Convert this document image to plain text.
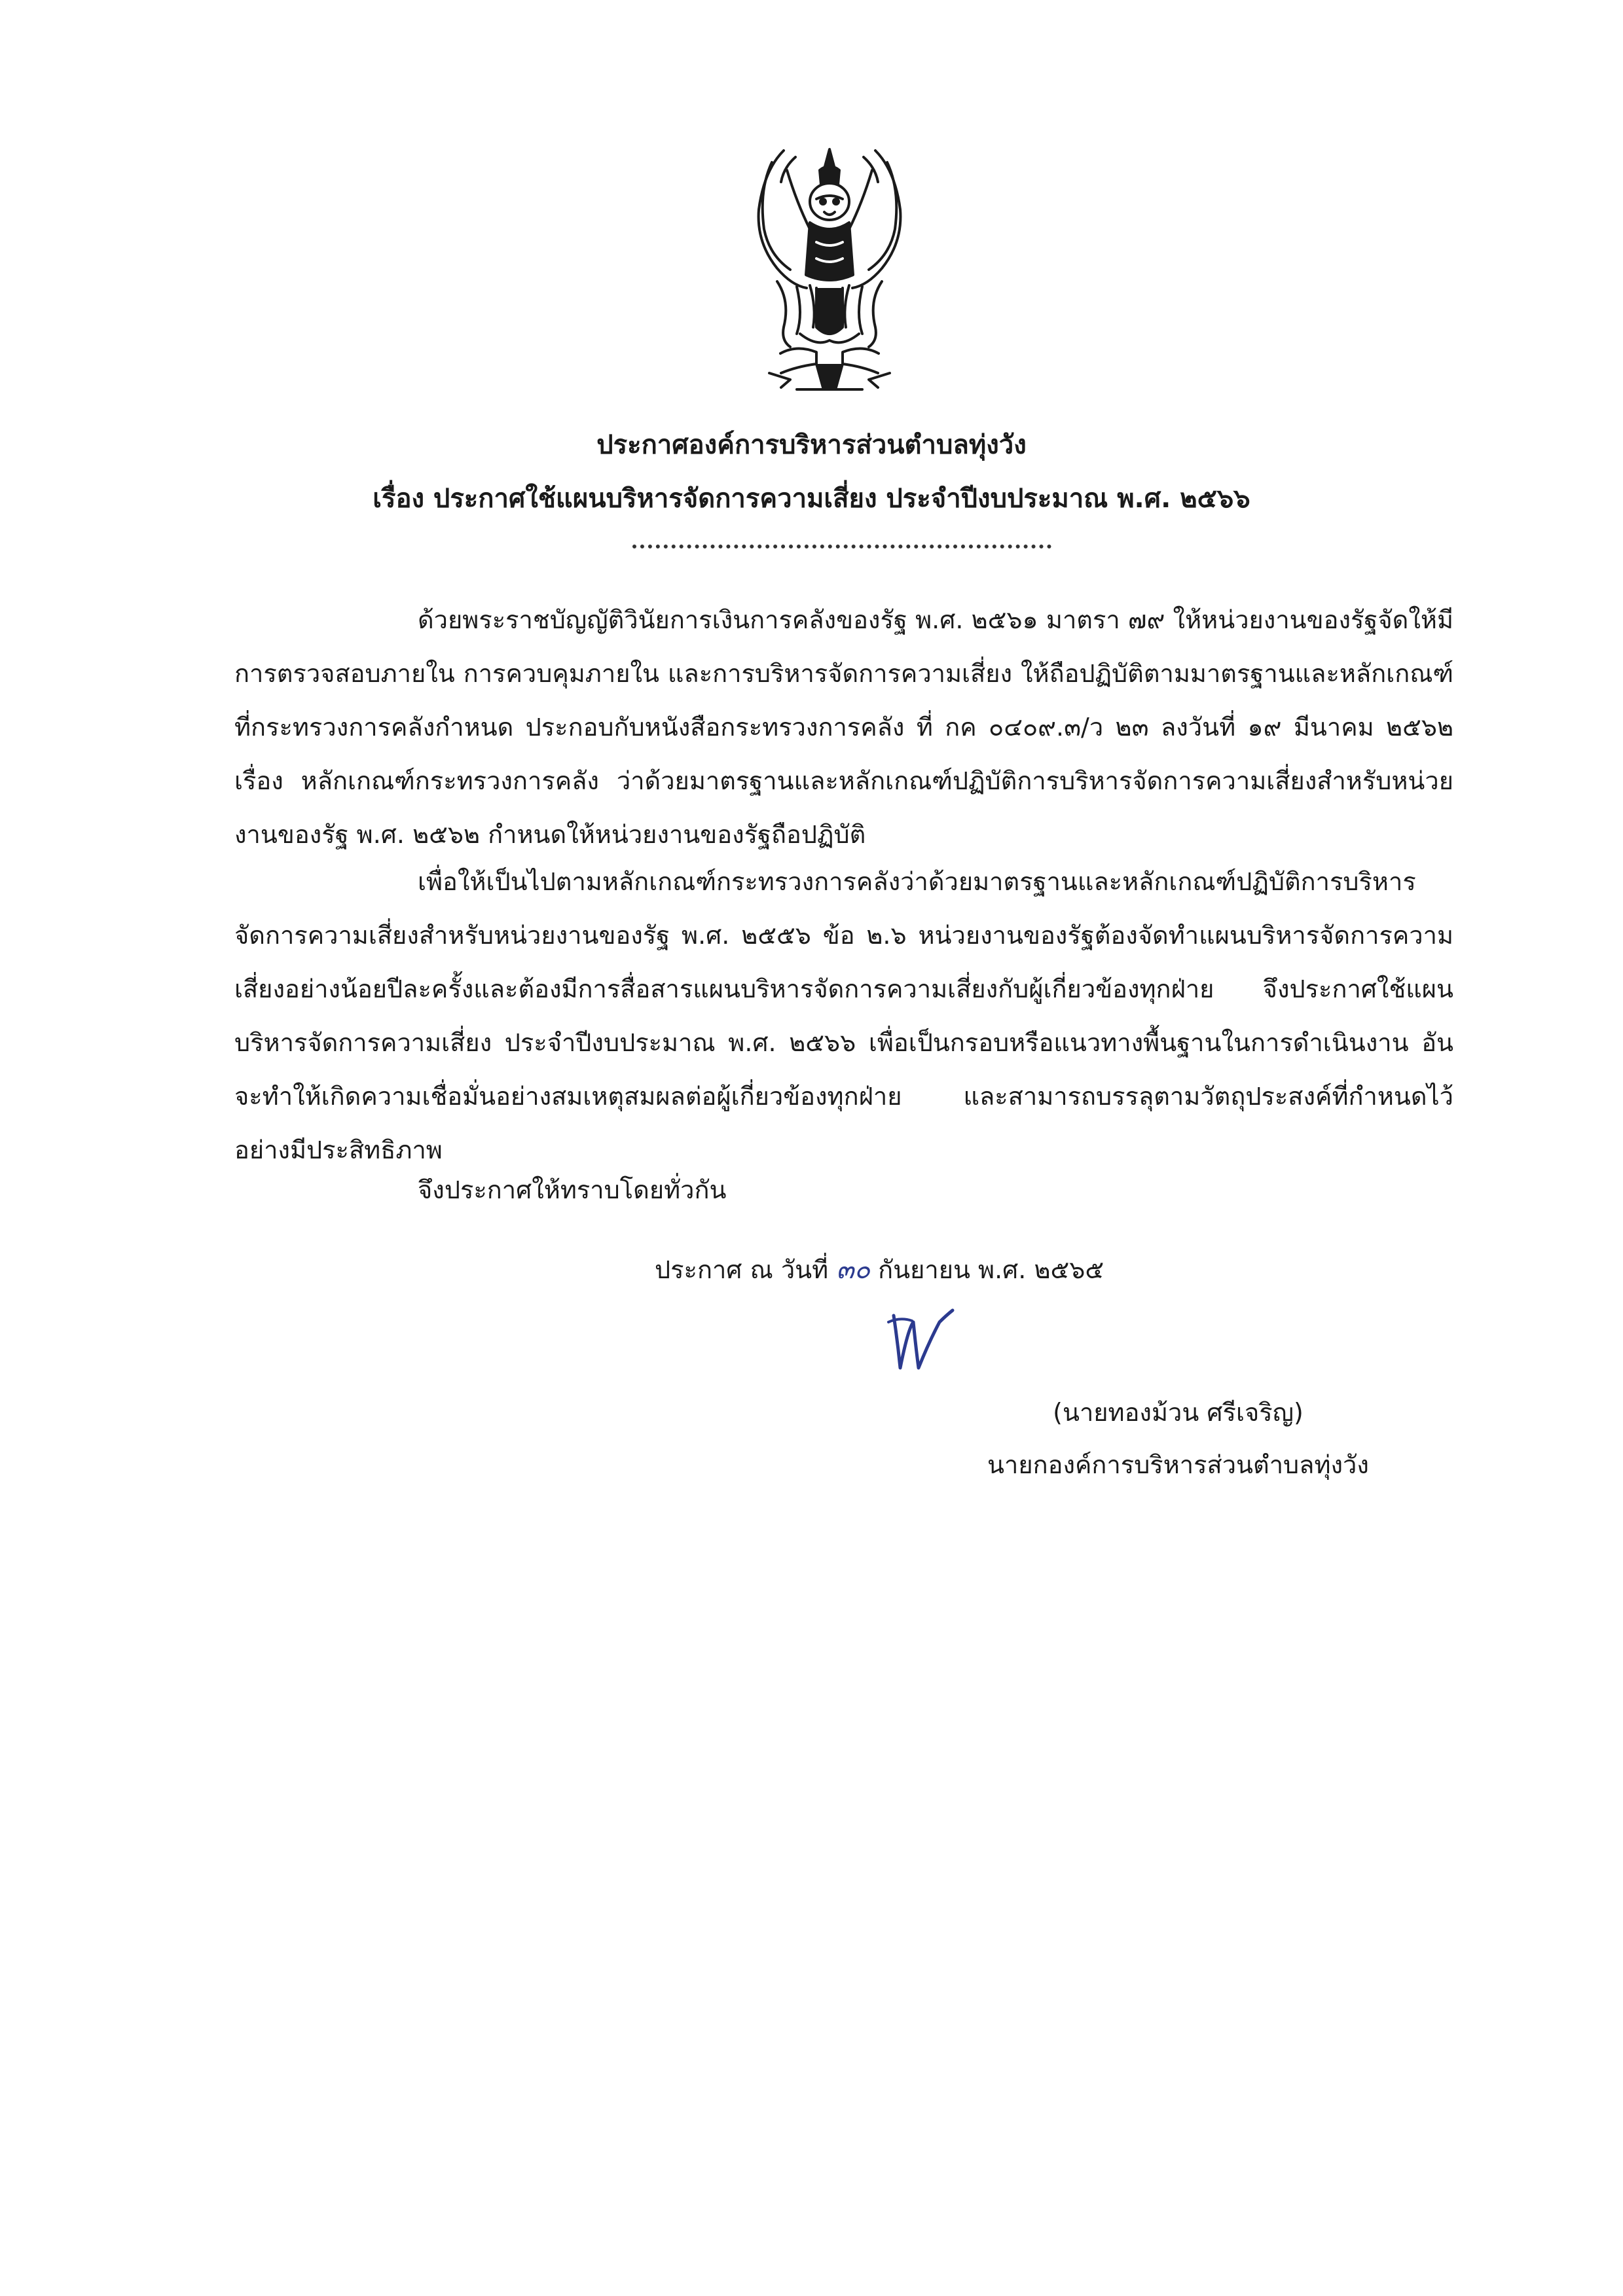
ประกาศองค์การบริหารส่วนตำบลทุ่งวัง
เรื่อง ประกาศใช้แผนบริหารจัดการความเสี่ยง ประจำปีงบประมาณ พ.ศ. ๒๕๖๖
ด้วยพระราชบัญญัติวินัยการเงินการคลังของรัฐ พ.ศ. ๒๕๖๑ มาตรา ๗๙ ให้หน่วยงานของรัฐจัดให้มีการตรวจสอบภายใน การควบคุมภายใน และการบริหารจัดการความเสี่ยง ให้ถือปฏิบัติตามมาตรฐานและหลักเกณฑ์ที่กระทรวงการคลังกำหนด ประกอบกับหนังสือกระทรวงการคลัง ที่ กค ๐๔๐๙.๓/ว ๒๓ ลงวันที่ ๑๙ มีนาคม ๒๕๖๒ เรื่อง หลักเกณฑ์กระทรวงการคลัง ว่าด้วยมาตรฐานและหลักเกณฑ์ปฏิบัติการบริหารจัดการความเสี่ยงสำหรับหน่วยงานของรัฐ พ.ศ. ๒๕๖๒ กำหนดให้หน่วยงานของรัฐถือปฏิบัติ
เพื่อให้เป็นไปตามหลักเกณฑ์กระทรวงการคลังว่าด้วยมาตรฐานและหลักเกณฑ์ปฏิบัติการบริหารจัดการความเสี่ยงสำหรับหน่วยงานของรัฐ พ.ศ. ๒๕๕๖ ข้อ ๒.๖ หน่วยงานของรัฐต้องจัดทำแผนบริหารจัดการความเสี่ยงอย่างน้อยปีละครั้งและต้องมีการสื่อสารแผนบริหารจัดการความเสี่ยงกับผู้เกี่ยวข้องทุกฝ่าย จึงประกาศใช้แผนบริหารจัดการความเสี่ยง ประจำปีงบประมาณ พ.ศ. ๒๕๖๖ เพื่อเป็นกรอบหรือแนวทางพื้นฐานในการดำเนินงาน อันจะทำให้เกิดความเชื่อมั่นอย่างสมเหตุสมผลต่อผู้เกี่ยวข้องทุกฝ่าย และสามารถบรรลุตามวัตถุประสงค์ที่กำหนดไว้ อย่างมีประสิทธิภาพ
จึงประกาศให้ทราบโดยทั่วกัน
ประกาศ ณ วันที่ ๓๐ กันยายน พ.ศ. ๒๕๖๕
(นายทองม้วน ศรีเจริญ)
นายกองค์การบริหารส่วนตำบลทุ่งวัง
